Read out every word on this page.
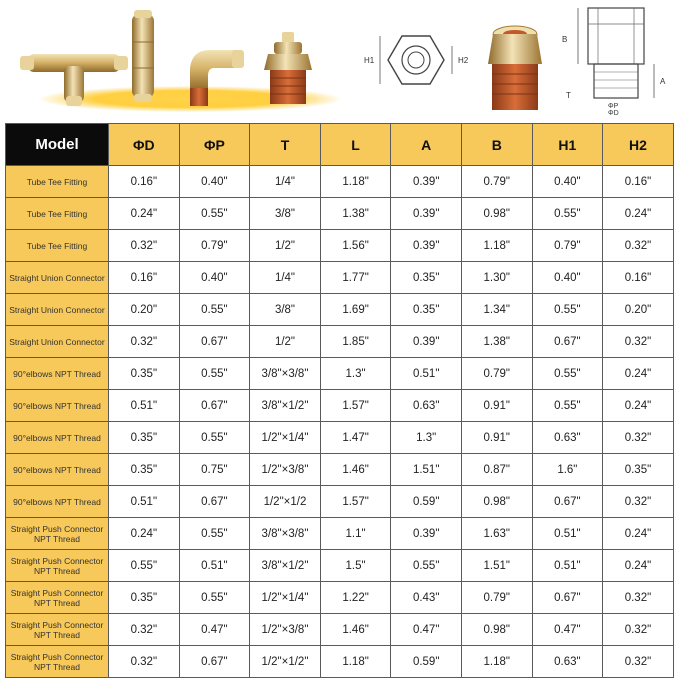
H1	H2
B
A
T
ΦP
ΦD
Model	ΦD	ΦP	T	L	A	B	H1	H2
Tube Tee Fitting	0.16"	0.40"	1/4"	1.18"	0.39"	0.79"	0.40"	0.16"
Tube Tee Fitting	0.24"	0.55"	3/8"	1.38"	0.39"	0.98"	0.55"	0.24"
Tube Tee Fitting	0.32"	0.79"	1/2"	1.56"	0.39"	1.18"	0.79"	0.32"
Straight Union Connector	0.16"	0.40"	1/4"	1.77"	0.35"	1.30"	0.40"	0.16"
Straight Union Connector	0.20"	0.55"	3/8"	1.69"	0.35"	1.34"	0.55"	0.20"
Straight Union Connector	0.32"	0.67"	1/2"	1.85"	0.39"	1.38"	0.67"	0.32"
90°elbows NPT Thread	0.35"	0.55"	3/8"×3/8"	1.3"	0.51"	0.79"	0.55"	0.24"
90°elbows NPT Thread	0.51"	0.67"	3/8"×1/2"	1.57"	0.63"	0.91"	0.55"	0.24"
90°elbows NPT Thread	0.35"	0.55"	1/2"×1/4"	1.47"	1.3"	0.91"	0.63"	0.32"
90°elbows NPT Thread	0.35"	0.75"	1/2"×3/8"	1.46"	1.51"	0.87"	1.6"	0.35"
90°elbows NPT Thread	0.51"	0.67"	1/2"×1/2	1.57"	0.59"	0.98"	0.67"	0.32"
Straight Push Connector NPT Thread	0.24"	0.55"	3/8"×3/8"	1.1"	0.39"	1.63"	0.51"	0.24"
Straight Push Connector NPT Thread	0.55"	0.51"	3/8"×1/2"	1.5"	0.55"	1.51"	0.51"	0.24"
Straight Push Connector NPT Thread	0.35"	0.55"	1/2"×1/4"	1.22"	0.43"	0.79"	0.67"	0.32"
Straight Push Connector NPT Thread	0.32"	0.47"	1/2"×3/8"	1.46"	0.47"	0.98"	0.47"	0.32"
Straight Push Connector NPT Thread	0.32"	0.67"	1/2"×1/2"	1.18"	0.59"	1.18"	0.63"	0.32"
